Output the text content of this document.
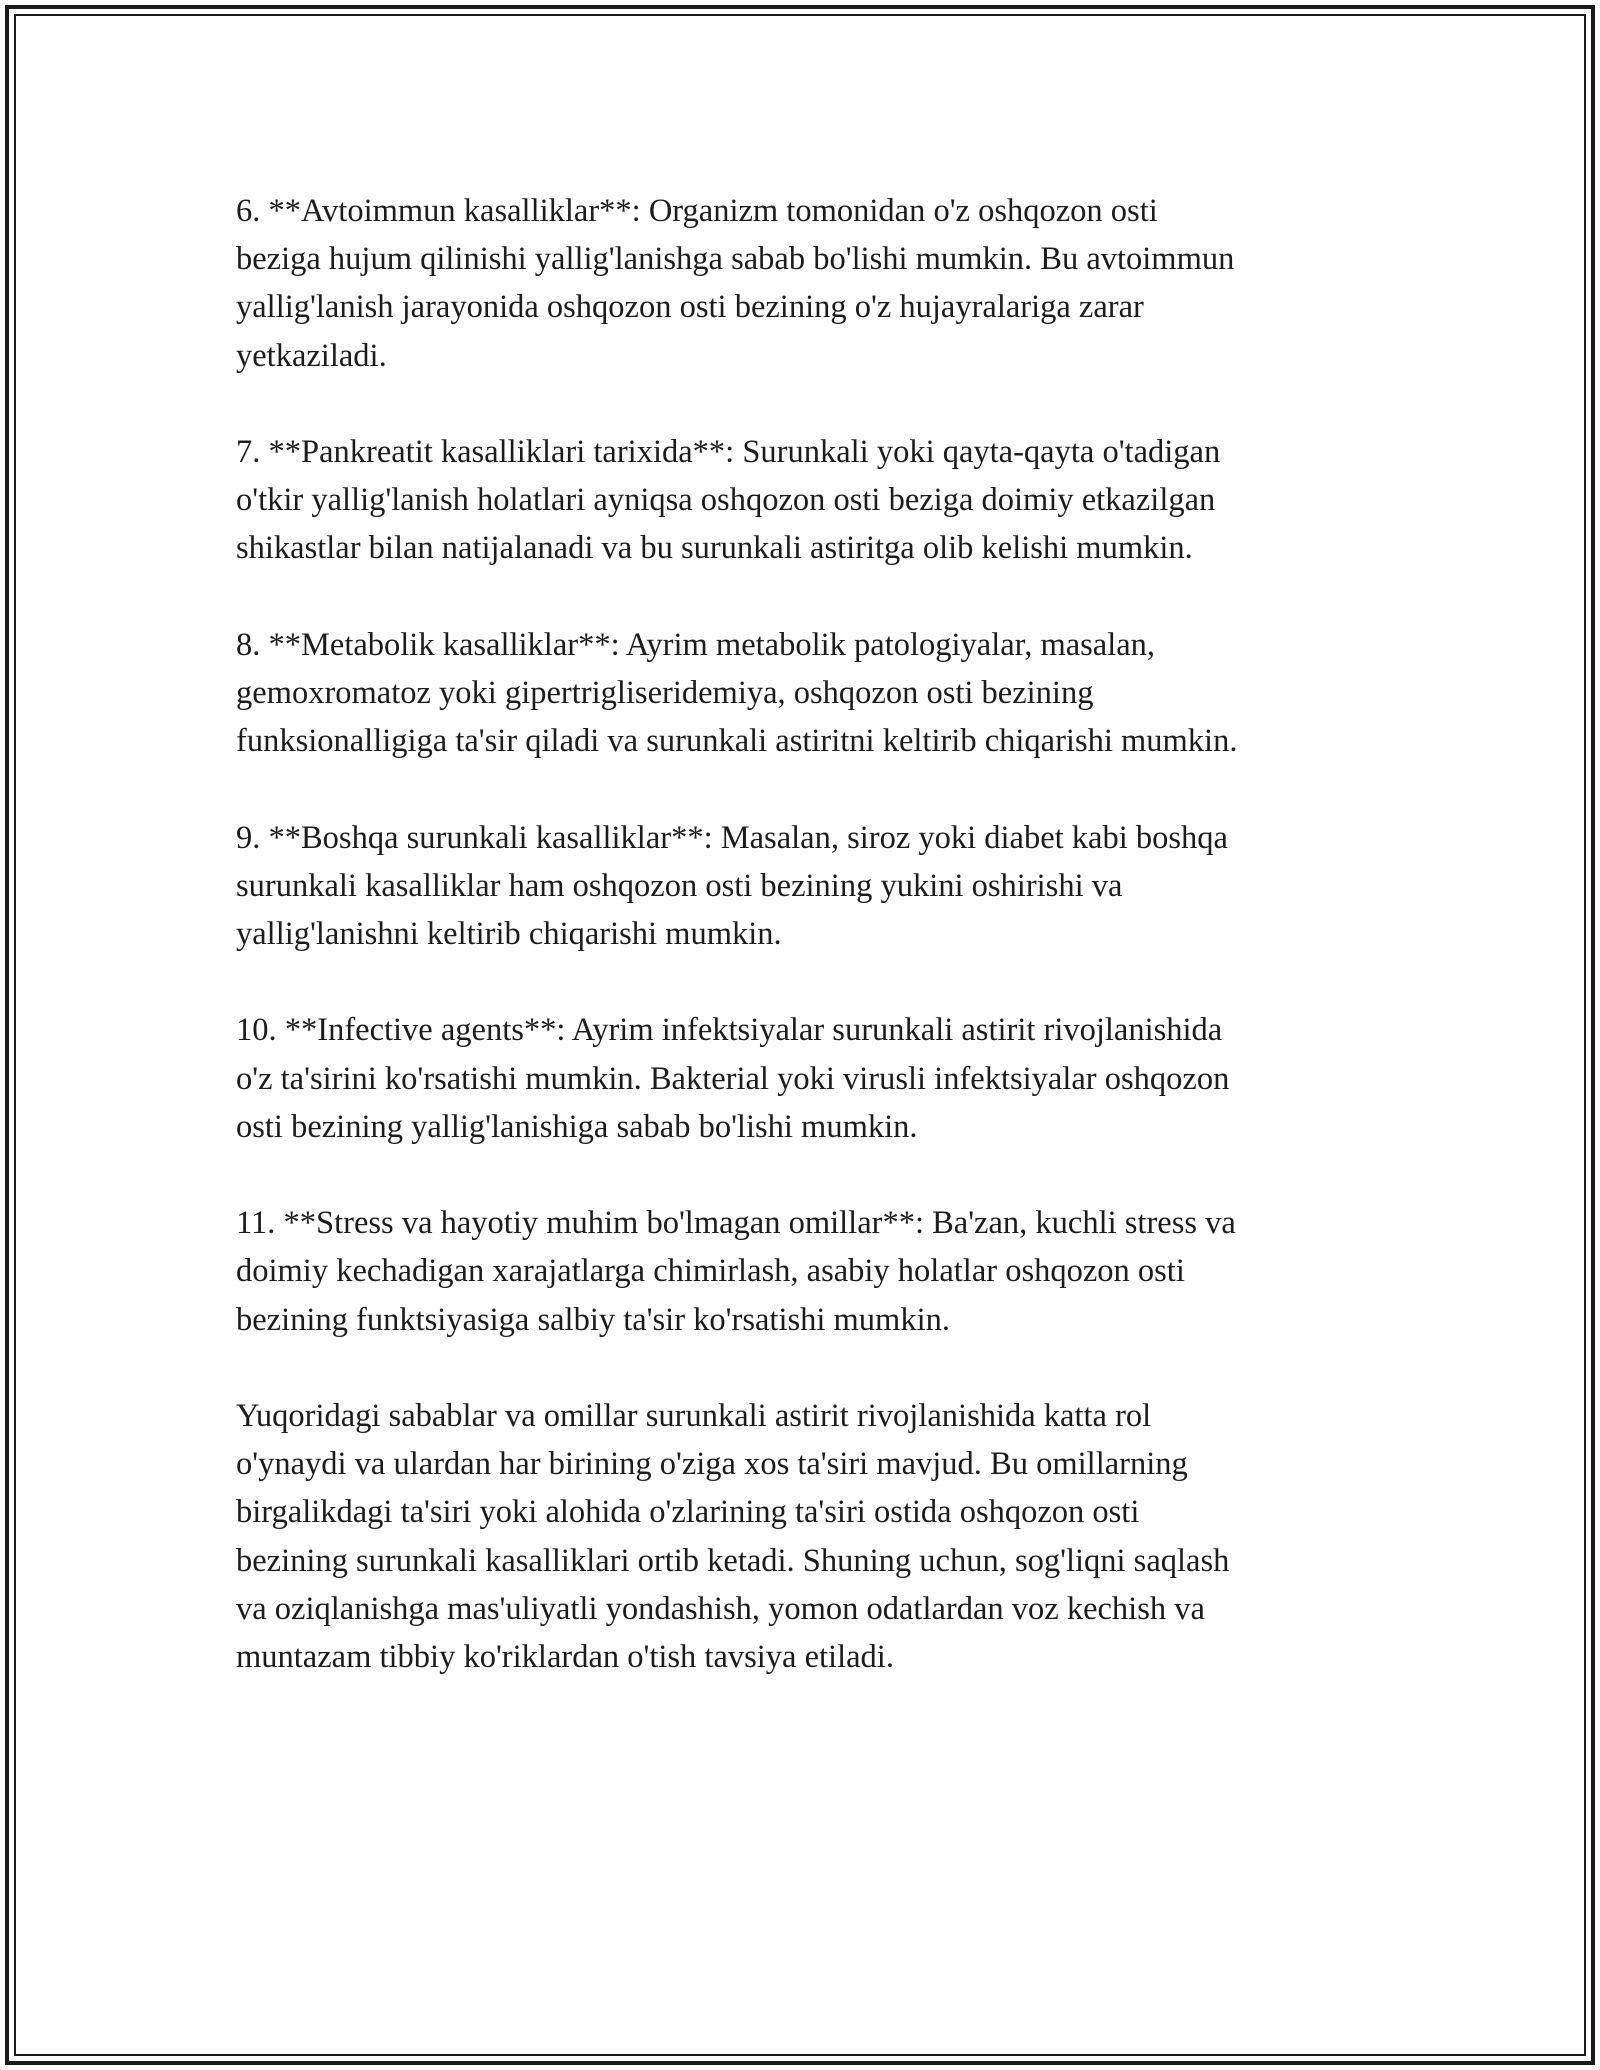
6. **Avtoimmun kasalliklar**: Organizm tomonidan o'z oshqozon osti
beziga hujum qilinishi yallig'lanishga sabab bo'lishi mumkin. Bu avtoimmun
yallig'lanish jarayonida oshqozon osti bezining o'z hujayralariga zarar
yetkaziladi.

7. **Pankreatit kasalliklari tarixida**: Surunkali yoki qayta-qayta o'tadigan
o'tkir yallig'lanish holatlari ayniqsa oshqozon osti beziga doimiy etkazilgan
shikastlar bilan natijalanadi va bu surunkali astiritga olib kelishi mumkin.

8. **Metabolik kasalliklar**: Ayrim metabolik patologiyalar, masalan,
gemoxromatoz yoki gipertrigliseridemiya, oshqozon osti bezining
funksionalligiga ta'sir qiladi va surunkali astiritni keltirib chiqarishi mumkin.

9. **Boshqa surunkali kasalliklar**: Masalan, siroz yoki diabet kabi boshqa
surunkali kasalliklar ham oshqozon osti bezining yukini oshirishi va
yallig'lanishni keltirib chiqarishi mumkin.

10. **Infective agents**: Ayrim infektsiyalar surunkali astirit rivojlanishida
o'z ta'sirini ko'rsatishi mumkin. Bakterial yoki virusli infektsiyalar oshqozon
osti bezining yallig'lanishiga sabab bo'lishi mumkin.

11. **Stress va hayotiy muhim bo'lmagan omillar**: Ba'zan, kuchli stress va
doimiy kechadigan xarajatlarga chimirlash, asabiy holatlar oshqozon osti
bezining funktsiyasiga salbiy ta'sir ko'rsatishi mumkin.

Yuqoridagi sabablar va omillar surunkali astirit rivojlanishida katta rol
o'ynaydi va ulardan har birining o'ziga xos ta'siri mavjud. Bu omillarning
birgalikdagi ta'siri yoki alohida o'zlarining ta'siri ostida oshqozon osti
bezining surunkali kasalliklari ortib ketadi. Shuning uchun, sog'liqni saqlash
va oziqlanishga mas'uliyatli yondashish, yomon odatlardan voz kechish va
muntazam tibbiy ko'riklardan o'tish tavsiya etiladi.
